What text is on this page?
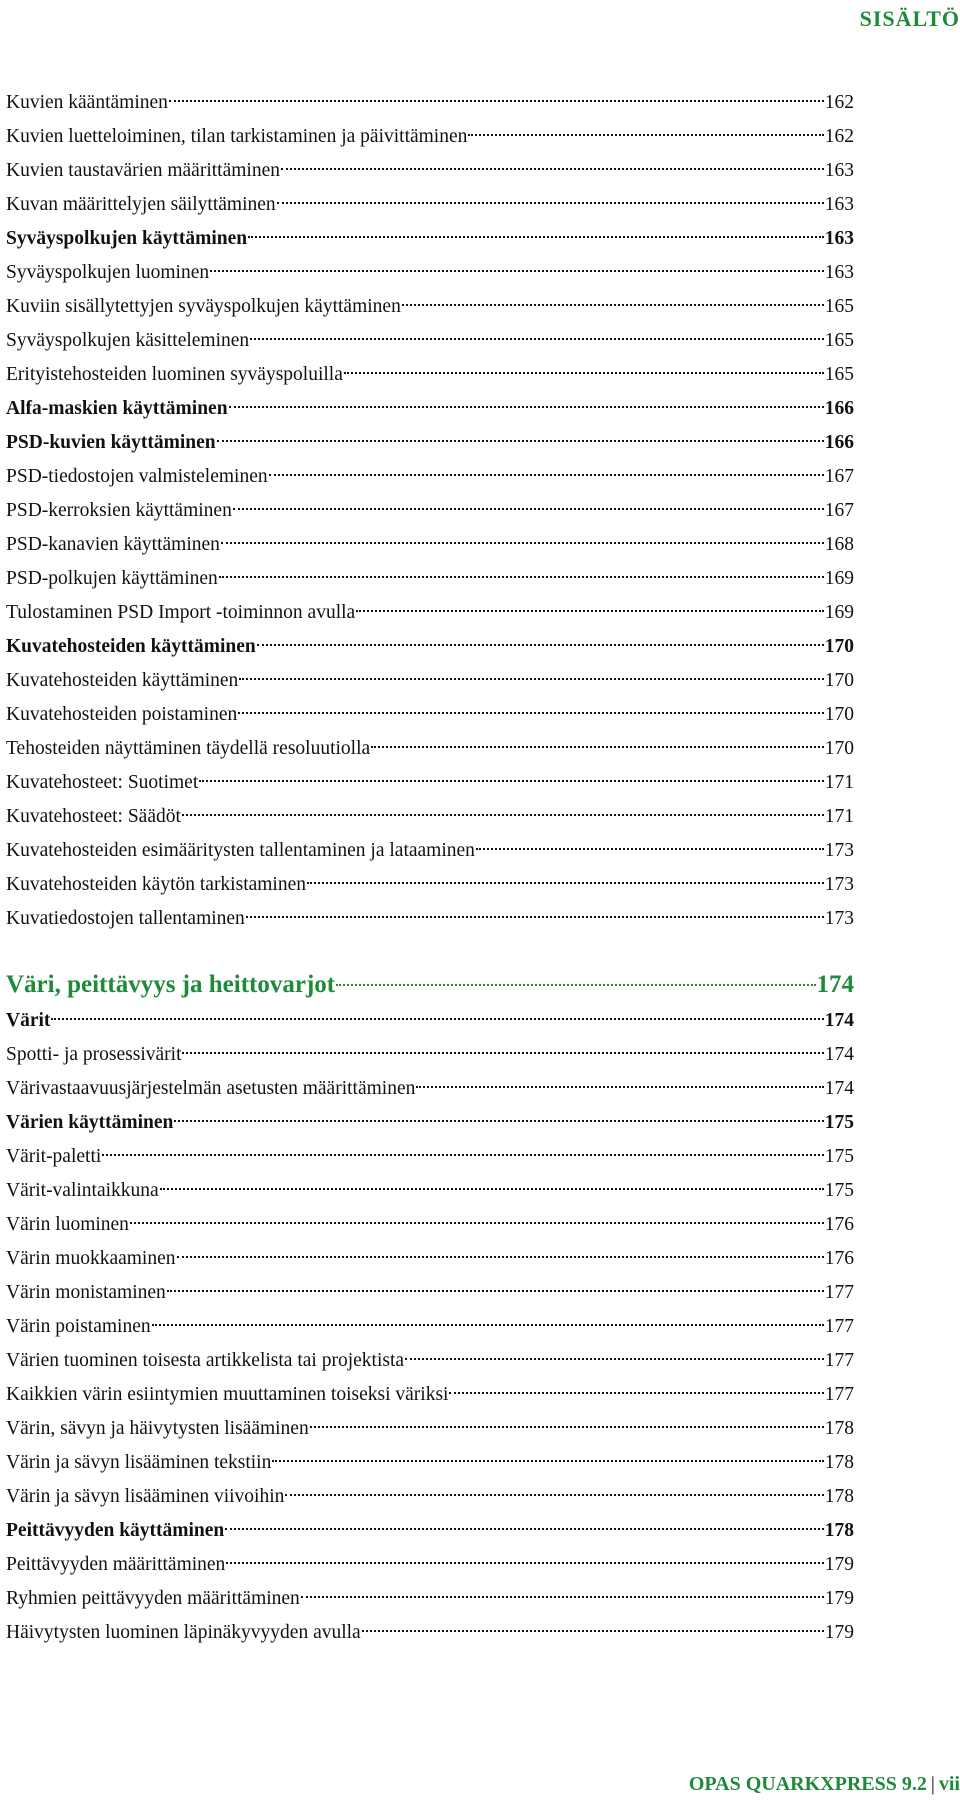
SISÄLTÖ
Kuvien kääntäminen	162
Kuvien luetteloiminen, tilan tarkistaminen ja päivittäminen	162
Kuvien taustavärien määrittäminen	163
Kuvan määrittelyjen säilyttäminen	163
Syväyspolkujen käyttäminen	163
Syväyspolkujen luominen	163
Kuviin sisällytettyjen syväyspolkujen käyttäminen	165
Syväyspolkujen käsitteleminen	165
Erityistehosteiden luominen syväyspoluilla	165
Alfa-maskien käyttäminen	166
PSD-kuvien käyttäminen	166
PSD-tiedostojen valmisteleminen	167
PSD-kerroksien käyttäminen	167
PSD-kanavien käyttäminen	168
PSD-polkujen käyttäminen	169
Tulostaminen PSD Import -toiminnon avulla	169
Kuvatehosteiden käyttäminen	170
Kuvatehosteiden käyttäminen	170
Kuvatehosteiden poistaminen	170
Tehosteiden näyttäminen täydellä resoluutiolla	170
Kuvatehosteet: Suotimet	171
Kuvatehosteet: Säädöt	171
Kuvatehosteiden esimääritysten tallentaminen ja lataaminen	173
Kuvatehosteiden käytön tarkistaminen	173
Kuvatiedostojen tallentaminen	173
Väri, peittävyys ja heittovarjot	174
Värit	174
Spotti- ja prosessivärit	174
Värivastaavuusjärjestelmän asetusten määrittäminen	174
Värien käyttäminen	175
Värit-paletti	175
Värit-valintaikkuna	175
Värin luominen	176
Värin muokkaaminen	176
Värin monistaminen	177
Värin poistaminen	177
Värien tuominen toisesta artikkelista tai projektista	177
Kaikkien värin esiintymien muuttaminen toiseksi väriksi	177
Värin, sävyn ja häivytysten lisääminen	178
Värin ja sävyn lisääminen tekstiin	178
Värin ja sävyn lisääminen viivoihin	178
Peittävyyden käyttäminen	178
Peittävyyden määrittäminen	179
Ryhmien peittävyyden määrittäminen	179
Häivytysten luominen läpinäkyvyyden avulla	179
OPAS QUARKXPRESS 9.2 | vii
